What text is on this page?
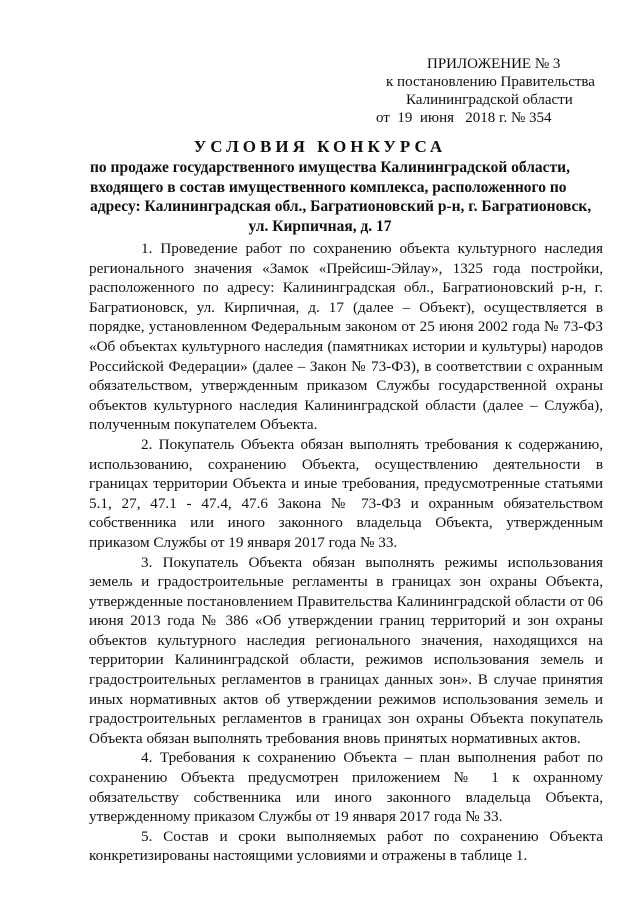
ПРИЛОЖЕНИЕ № 3
к постановлению Правительства
Калининградской области
от  19  июня   2018 г. № 354
УСЛОВИЯ КОНКУРСА
по продаже государственного имущества Калининградской области,
входящего в состав имущественного комплекса, расположенного по
адресу: Калининградская обл., Багратионовский р-н, г. Багратионовск,
ул. Кирпичная, д. 17

1. Проведение работ по сохранению объекта культурного наследия регионального значения «Замок «Прейсиш-Эйлау», 1325 года постройки, расположенного по адресу: Калининградская обл., Багратионовский р-н, г. Багратионовск, ул. Кирпичная, д. 17 (далее – Объект), осуществляется в порядке, установленном Федеральным законом от 25 июня 2002 года № 73-ФЗ «Об объектах культурного наследия (памятниках истории и культуры) народов Российской Федерации» (далее – Закон № 73-ФЗ), в соответствии с охранным обязательством, утвержденным приказом Службы государственной охраны объектов культурного наследия Калининградской области (далее – Служба), полученным покупателем Объекта.

2. Покупатель Объекта обязан выполнять требования к содержанию, использованию, сохранению Объекта, осуществлению деятельности в границах территории Объекта и иные требования, предусмотренные статьями 5.1, 27, 47.1 - 47.4, 47.6 Закона № 73-ФЗ и охранным обязательством собственника или иного законного владельца Объекта, утвержденным приказом Службы от 19 января 2017 года № 33.

3. Покупатель Объекта обязан выполнять режимы использования земель и градостроительные регламенты в границах зон охраны Объекта, утвержденные постановлением Правительства Калининградской области от 06 июня 2013 года № 386 «Об утверждении границ территорий и зон охраны объектов культурного наследия регионального значения, находящихся на территории Калининградской области, режимов использования земель и градостроительных регламентов в границах данных зон». В случае принятия иных нормативных актов об утверждении режимов использования земель и градостроительных регламентов в границах зон охраны Объекта покупатель Объекта обязан выполнять требования вновь принятых нормативных актов.

4. Требования к сохранению Объекта – план выполнения работ по сохранению Объекта предусмотрен приложением № 1 к охранному обязательству собственника или иного законного владельца Объекта, утвержденному приказом Службы от 19 января 2017 года № 33.

5. Состав и сроки выполняемых работ по сохранению Объекта конкретизированы настоящими условиями и отражены в таблице 1.
